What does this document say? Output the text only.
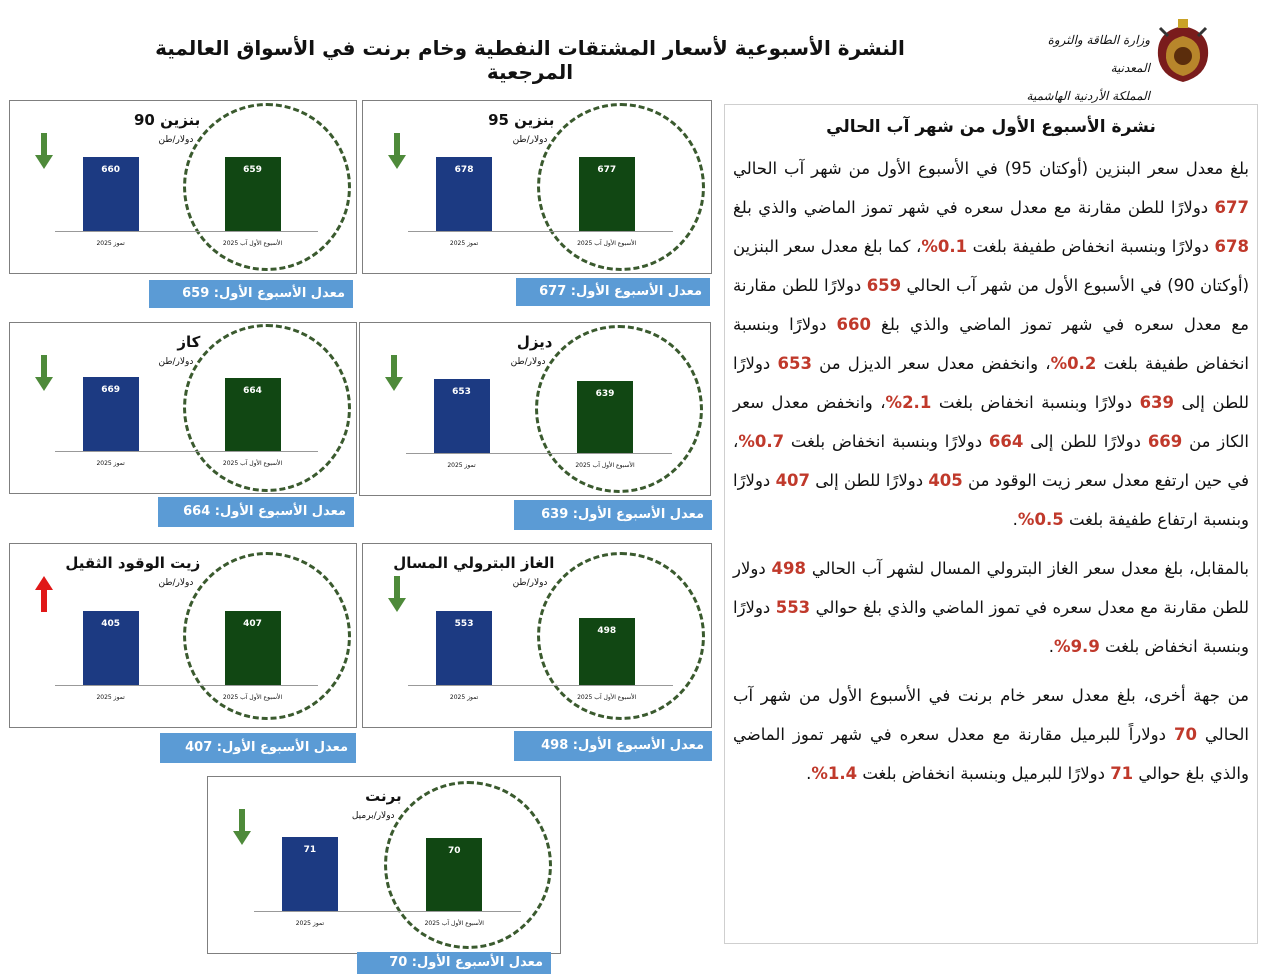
النشرة الأسبوعية لأسعار المشتقات النفطية وخام برنت في الأسواق العالمية المرجعية
وزارة الطاقة والثروة المعدنية
المملكة الأردنية الهاشمية
بنزين 95
دولار/طن
678
تموز 2025
677
الأسبوع الأول آب 2025
معدل الأسبوع الأول: 677
بنزين 90
دولار/طن
660
تموز 2025
659
الأسبوع الأول آب 2025
معدل الأسبوع الأول: 659
ديزل
دولار/طن
653
تموز 2025
639
الأسبوع الأول آب 2025
معدل الأسبوع الأول: 639
كاز
دولار/طن
669
تموز 2025
664
الأسبوع الأول آب 2025
معدل الأسبوع الأول: 664
الغاز البترولي المسال
دولار/طن
553
تموز 2025
498
الأسبوع الأول آب 2025
معدل الأسبوع الأول: 498
زيت الوقود الثقيل
دولار/طن
405
تموز 2025
407
الأسبوع الأول آب 2025
معدل الأسبوع الأول: 407
برنت
دولار/برميل
71
تموز 2025
70
الأسبوع الأول آب 2025
معدل الأسبوع الأول: 70
نشرة الأسبوع الأول من شهر آب الحالي

بلغ معدل سعر البنزين (أوكتان 95) في الأسبوع الأول من شهر آب الحالي 677 دولارًا للطن مقارنة مع معدل سعره في شهر تموز الماضي والذي بلغ 678 دولارًا وبنسبة انخفاض طفيفة بلغت 0.1%، كما بلغ معدل سعر البنزين (أوكتان 90) في الأسبوع الأول من شهر آب الحالي 659 دولارًا للطن مقارنة مع معدل سعره في شهر تموز الماضي والذي بلغ 660 دولارًا وبنسبة انخفاض طفيفة بلغت 0.2%، وانخفض معدل سعر الديزل من 653 دولارًا للطن إلى 639 دولارًا وبنسبة انخفاض بلغت 2.1%، وانخفض معدل سعر الكاز من 669 دولارًا للطن إلى 664 دولارًا وبنسبة انخفاض بلغت 0.7%، في حين ارتفع معدل سعر زيت الوقود من 405 دولارًا للطن إلى 407 دولارًا وبنسبة ارتفاع طفيفة بلغت 0.5%.

بالمقابل، بلغ معدل سعر الغاز البترولي المسال لشهر آب الحالي 498 دولار للطن مقارنة مع معدل سعره في تموز الماضي والذي بلغ حوالي 553 دولارًا وبنسبة انخفاض بلغت 9.9%.

من جهة أخرى، بلغ معدل سعر خام برنت في الأسبوع الأول من شهر آب الحالي 70 دولاراً للبرميل مقارنة مع معدل سعره في شهر تموز الماضي والذي بلغ حوالي 71 دولارًا للبرميل وبنسبة انخفاض بلغت 1.4%.
